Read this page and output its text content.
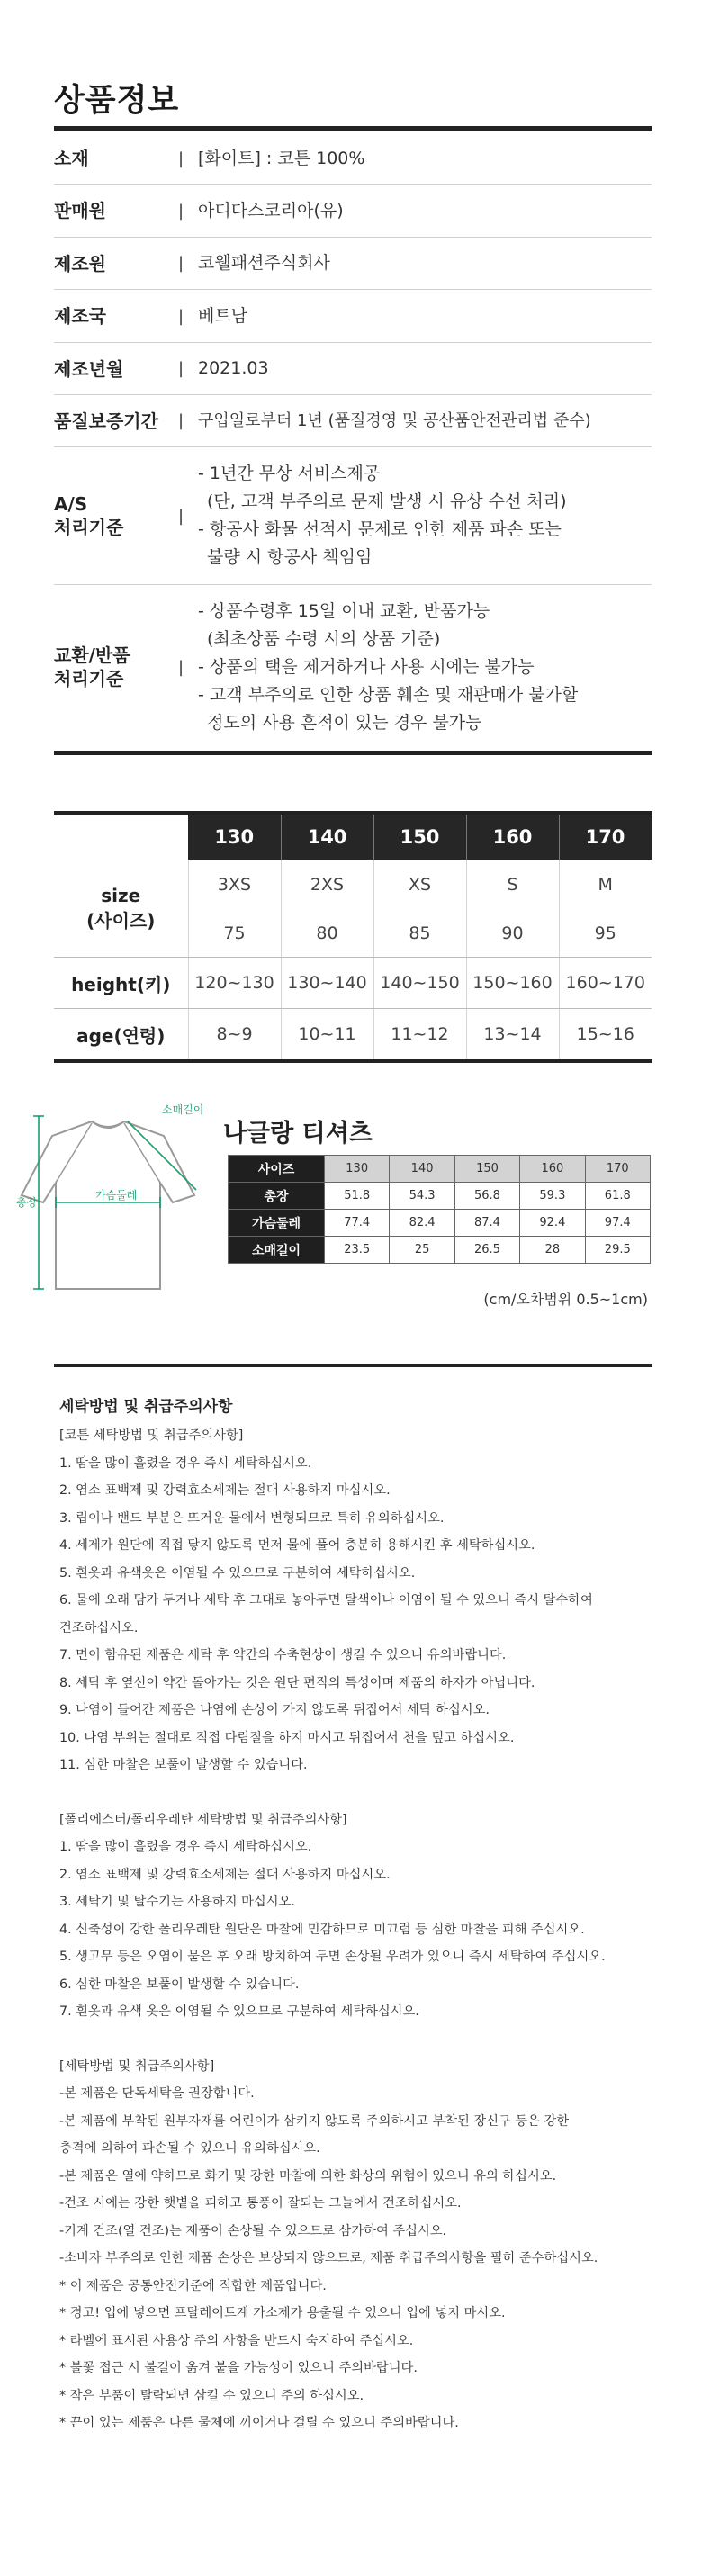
상품정보
소재	| [화이트] : 코튼 100%
판매원	| 아디다스코리아(유)
제조원	| 코웰패션주식회사
제조국	| 베트남
제조년월	| 2021.03
품질보증기간	| 구입일로부터 1년 (품질경영 및 공산품안전관리법 준수)
A/S
처리기준
|
- 1년간 무상 서비스제공
(단, 고객 부주의로 문제 발생 시 유상 수선 처리)
- 항공사 화물 선적시 문제로 인한 제품 파손 또는
불량 시 항공사 책임임
교환/반품
처리기준
|
- 상품수령후 15일 이내 교환, 반품가능
(최초상품 수령 시의 상품 기준)
- 상품의 택을 제거하거나 사용 시에는 불가능
- 고객 부주의로 인한 상품 훼손 및 재판매가 불가할
정도의 사용 흔적이 있는 경우 불가능
	130	140	150	160	170

size
(사이즈)	3XS	2XS	XS	S	M
	75	80	85	90	95
height(키)	120~130	130~140	140~150	150~160	160~170
age(연령)	8~9	10~11	11~12	13~14	15~16
소매길이
가슴둘레
총장
나글랑 티셔츠
사이즈	130	140	150	160	170
총장	51.8	54.3	56.8	59.3	61.8
가슴둘레	77.4	82.4	87.4	92.4	97.4
소매길이	23.5	25	26.5	28	29.5
(cm/오차범위 0.5~1cm)
세탁방법 및 취급주의사항
[코튼 세탁방법 및 취급주의사항]
1. 땀을 많이 흘렸을 경우 즉시 세탁하십시오.
2. 염소 표백제 및 강력효소세제는 절대 사용하지 마십시오.
3. 립이나 밴드 부분은 뜨거운 물에서 변형되므로 특히 유의하십시오.
4. 세제가 원단에 직접 닿지 않도록 먼저 물에 풀어 충분히 용해시킨 후 세탁하십시오.
5. 흰옷과 유색옷은 이염될 수 있으므로 구분하여 세탁하십시오.
6. 물에 오래 담가 두거나 세탁 후 그대로 놓아두면 탈색이나 이염이 될 수 있으니 즉시 탈수하여
건조하십시오.
7. 면이 함유된 제품은 세탁 후 약간의 수축현상이 생길 수 있으니 유의바랍니다.
8. 세탁 후 옆선이 약간 돌아가는 것은 원단 편직의 특성이며 제품의 하자가 아닙니다.
9. 나염이 들어간 제품은 나염에 손상이 가지 않도록 뒤집어서 세탁 하십시오.
10. 나염 부위는 절대로 직접 다림질을 하지 마시고 뒤집어서 천을 덮고 하십시오.
11. 심한 마찰은 보풀이 발생할 수 있습니다.
[폴리에스터/폴리우레탄 세탁방법 및 취급주의사항]
1. 땀을 많이 흘렸을 경우 즉시 세탁하십시오.
2. 염소 표백제 및 강력효소세제는 절대 사용하지 마십시오.
3. 세탁기 및 탈수기는 사용하지 마십시오.
4. 신축성이 강한 폴리우레탄 원단은 마찰에 민감하므로 미끄럼 등 심한 마찰을 피해 주십시오.
5. 생고무 등은 오염이 묻은 후 오래 방치하여 두면 손상될 우려가 있으니 즉시 세탁하여 주십시오.
6. 심한 마찰은 보풀이 발생할 수 있습니다.
7. 흰옷과 유색 옷은 이염될 수 있으므로 구분하여 세탁하십시오.
[세탁방법 및 취급주의사항]
-본 제품은 단독세탁을 권장합니다.
-본 제품에 부착된 원부자재를 어린이가 삼키지 않도록 주의하시고 부착된 장신구 등은 강한
충격에 의하여 파손될 수 있으니 유의하십시오.
-본 제품은 열에 약하므로 화기 및 강한 마찰에 의한 화상의 위험이 있으니 유의 하십시오.
-건조 시에는 강한 햇볕을 피하고 통풍이 잘되는 그늘에서 건조하십시오.
-기계 건조(열 건조)는 제품이 손상될 수 있으므로 삼가하여 주십시오.
-소비자 부주의로 인한 제품 손상은 보상되지 않으므로, 제품 취급주의사항을 필히 준수하십시오.
* 이 제품은 공통안전기준에 적합한 제품입니다.
* 경고! 입에 넣으면 프탈레이트계 가소제가 용출될 수 있으니 입에 넣지 마시오.
* 라벨에 표시된 사용상 주의 사항을 반드시 숙지하여 주십시오.
* 불꽃 접근 시 불길이 옮겨 붙을 가능성이 있으니 주의바랍니다.
* 작은 부품이 탈락되면 삼킬 수 있으니 주의 하십시오.
* 끈이 있는 제품은 다른 물체에 끼이거나 걸릴 수 있으니 주의바랍니다.
